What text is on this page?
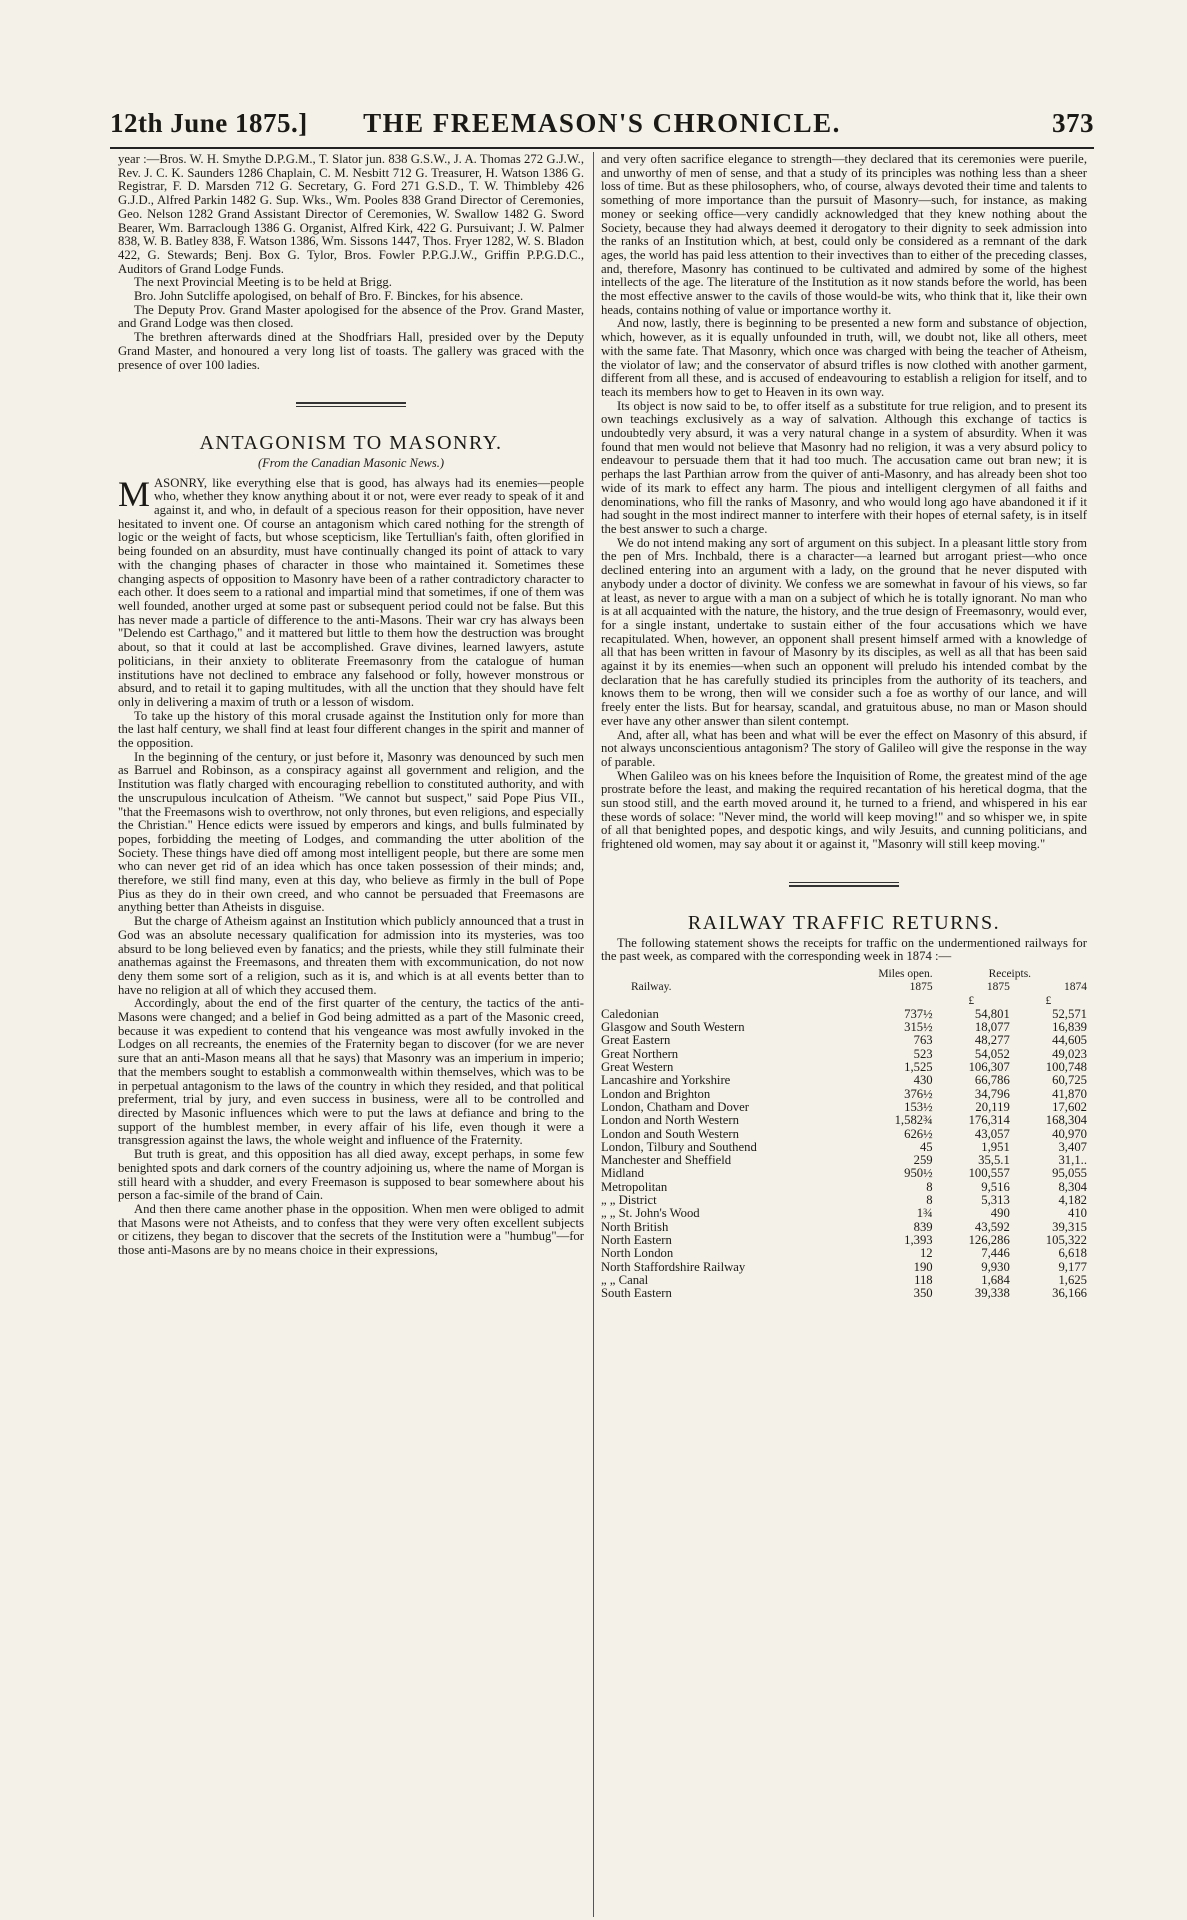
12th June 1875.]	THE FREEMASON'S CHRONICLE.	373

year :—Bros. W. H. Smythe D.P.G.M., T. Slator jun. 838 G.S.W., J. A. Thomas 272 G.J.W., Rev. J. C. K. Saunders 1286 Chaplain, C. M. Nesbitt 712 G. Treasurer, H. Watson 1386 G. Registrar, F. D. Marsden 712 G. Secretary, G. Ford 271 G.S.D., T. W. Thimbleby 426 G.J.D., Alfred Parkin 1482 G. Sup. Wks., Wm. Pooles 838 Grand Director of Ceremonies, Geo. Nelson 1282 Grand Assistant Director of Ceremonies, W. Swallow 1482 G. Sword Bearer, Wm. Barraclough 1386 G. Organist, Alfred Kirk, 422 G. Pursuivant; J. W. Palmer 838, W. B. Batley 838, F. Watson 1386, Wm. Sissons 1447, Thos. Fryer 1282, W. S. Bladon 422, G. Stewards; Benj. Box G. Tylor, Bros. Fowler P.P.G.J.W., Griffin P.P.G.D.C., Auditors of Grand Lodge Funds.

The next Provincial Meeting is to be held at Brigg.

Bro. John Sutcliffe apologised, on behalf of Bro. F. Binckes, for his absence.

The Deputy Prov. Grand Master apologised for the absence of the Prov. Grand Master, and Grand Lodge was then closed.

The brethren afterwards dined at the Shodfriars Hall, presided over by the Deputy Grand Master, and honoured a very long list of toasts. The gallery was graced with the presence of over 100 ladies.

ANTAGONISM TO MASONRY.
(From the Canadian Masonic News.)

MASONRY, like everything else that is good, has always had its enemies—people who, whether they know anything about it or not, were ever ready to speak of it and against it, and who, in default of a specious reason for their opposition, have never hesitated to invent one. Of course an antagonism which cared nothing for the strength of logic or the weight of facts, but whose scepticism, like Tertullian's faith, often glorified in being founded on an absurdity, must have continually changed its point of attack to vary with the changing phases of character in those who maintained it. Sometimes these changing aspects of opposition to Masonry have been of a rather contradictory character to each other. It does seem to a rational and impartial mind that sometimes, if one of them was well founded, another urged at some past or subsequent period could not be false. But this has never made a particle of difference to the anti-Masons. Their war cry has always been "Delendo est Carthago," and it mattered but little to them how the destruction was brought about, so that it could at last be accomplished. Grave divines, learned lawyers, astute politicians, in their anxiety to obliterate Freemasonry from the catalogue of human institutions have not declined to embrace any falsehood or folly, however monstrous or absurd, and to retail it to gaping multitudes, with all the unction that they should have felt only in delivering a maxim of truth or a lesson of wisdom.

To take up the history of this moral crusade against the Institution only for more than the last half century, we shall find at least four different changes in the spirit and manner of the opposition.

In the beginning of the century, or just before it, Masonry was denounced by such men as Barruel and Robinson, as a conspiracy against all government and religion, and the Institution was flatly charged with encouraging rebellion to constituted authority, and with the unscrupulous inculcation of Atheism. "We cannot but suspect," said Pope Pius VII., "that the Freemasons wish to overthrow, not only thrones, but even religions, and especially the Christian." Hence edicts were issued by emperors and kings, and bulls fulminated by popes, forbidding the meeting of Lodges, and commanding the utter abolition of the Society. These things have died off among most intelligent people, but there are some men who can never get rid of an idea which has once taken possession of their minds; and, therefore, we still find many, even at this day, who believe as firmly in the bull of Pope Pius as they do in their own creed, and who cannot be persuaded that Freemasons are anything better than Atheists in disguise.

But the charge of Atheism against an Institution which publicly announced that a trust in God was an absolute necessary qualification for admission into its mysteries, was too absurd to be long believed even by fanatics; and the priests, while they still fulminate their anathemas against the Freemasons, and threaten them with excommunication, do not now deny them some sort of a religion, such as it is, and which is at all events better than to have no religion at all of which they accused them.

Accordingly, about the end of the first quarter of the century, the tactics of the anti-Masons were changed; and a belief in God being admitted as a part of the Masonic creed, because it was expedient to contend that his vengeance was most awfully invoked in the Lodges on all recreants, the enemies of the Fraternity began to discover (for we are never sure that an anti-Mason means all that he says) that Masonry was an imperium in imperio; that the members sought to establish a commonwealth within themselves, which was to be in perpetual antagonism to the laws of the country in which they resided, and that political preferment, trial by jury, and even success in business, were all to be controlled and directed by Masonic influences which were to put the laws at defiance and bring to the support of the humblest member, in every affair of his life, even though it were a transgression against the laws, the whole weight and influence of the Fraternity.

But truth is great, and this opposition has all died away, except perhaps, in some few benighted spots and dark corners of the country adjoining us, where the name of Morgan is still heard with a shudder, and every Freemason is supposed to bear somewhere about his person a fac-simile of the brand of Cain.

And then there came another phase in the opposition. When men were obliged to admit that Masons were not Atheists, and to confess that they were very often excellent subjects or citizens, they began to discover that the secrets of the Institution were a "humbug"—for those anti-Masons are by no means choice in their expressions,

and very often sacrifice elegance to strength—they declared that its ceremonies were puerile, and unworthy of men of sense, and that a study of its principles was nothing less than a sheer loss of time. But as these philosophers, who, of course, always devoted their time and talents to something of more importance than the pursuit of Masonry—such, for instance, as making money or seeking office—very candidly acknowledged that they knew nothing about the Society, because they had always deemed it derogatory to their dignity to seek admission into the ranks of an Institution which, at best, could only be considered as a remnant of the dark ages, the world has paid less attention to their invectives than to either of the preceding classes, and, therefore, Masonry has continued to be cultivated and admired by some of the highest intellects of the age. The literature of the Institution as it now stands before the world, has been the most effective answer to the cavils of those would-be wits, who think that it, like their own heads, contains nothing of value or importance worthy it.

And now, lastly, there is beginning to be presented a new form and substance of objection, which, however, as it is equally unfounded in truth, will, we doubt not, like all others, meet with the same fate. That Masonry, which once was charged with being the teacher of Atheism, the violator of law; and the conservator of absurd trifles is now clothed with another garment, different from all these, and is accused of endeavouring to establish a religion for itself, and to teach its members how to get to Heaven in its own way.

Its object is now said to be, to offer itself as a substitute for true religion, and to present its own teachings exclusively as a way of salvation. Although this exchange of tactics is undoubtedly very absurd, it was a very natural change in a system of absurdity. When it was found that men would not believe that Masonry had no religion, it was a very absurd policy to endeavour to persuade them that it had too much. The accusation came out bran new; it is perhaps the last Parthian arrow from the quiver of anti-Masonry, and has already been shot too wide of its mark to effect any harm. The pious and intelligent clergymen of all faiths and denominations, who fill the ranks of Masonry, and who would long ago have abandoned it if it had sought in the most indirect manner to interfere with their hopes of eternal safety, is in itself the best answer to such a charge.

We do not intend making any sort of argument on this subject. In a pleasant little story from the pen of Mrs. Inchbald, there is a character—a learned but arrogant priest—who once declined entering into an argument with a lady, on the ground that he never disputed with anybody under a doctor of divinity. We confess we are somewhat in favour of his views, so far at least, as never to argue with a man on a subject of which he is totally ignorant. No man who is at all acquainted with the nature, the history, and the true design of Freemasonry, would ever, for a single instant, undertake to sustain either of the four accusations which we have recapitulated. When, however, an opponent shall present himself armed with a knowledge of all that has been written in favour of Masonry by its disciples, as well as all that has been said against it by its enemies—when such an opponent will preludo his intended combat by the declaration that he has carefully studied its principles from the authority of its teachers, and knows them to be wrong, then will we consider such a foe as worthy of our lance, and will freely enter the lists. But for hearsay, scandal, and gratuitous abuse, no man or Mason should ever have any other answer than silent contempt.

And, after all, what has been and what will be ever the effect on Masonry of this absurd, if not always unconscientious antagonism? The story of Galileo will give the response in the way of parable.

When Galileo was on his knees before the Inquisition of Rome, the greatest mind of the age prostrate before the least, and making the required recantation of his heretical dogma, that the sun stood still, and the earth moved around it, he turned to a friend, and whispered in his ear these words of solace: "Never mind, the world will keep moving!" and so whisper we, in spite of all that benighted popes, and despotic kings, and wily Jesuits, and cunning politicians, and frightened old women, may say about it or against it, "Masonry will still keep moving."

RAILWAY TRAFFIC RETURNS.

The following statement shows the receipts for traffic on the undermentioned railways for the past week, as compared with the corresponding week in 1874 :—

	Miles open.	Receipts.	
Railway.	1875	1875	1874
		£	£
Caledonian	737½	54,801	52,571
Glasgow and South Western	315½	18,077	16,839
Great Eastern	763	48,277	44,605
Great Northern	523	54,052	49,023
Great Western	1,525	106,307	100,748
Lancashire and Yorkshire	430	66,786	60,725
London and Brighton	376½	34,796	41,870
London, Chatham and Dover	153½	20,119	17,602
London and North Western	1,582¾	176,314	168,304
London and South Western	626½	43,057	40,970
London, Tilbury and Southend	45	1,951	3,407
Manchester and Sheffield	259	35,5.1	31,1..
Midland	950½	100,557	95,055
Metropolitan	8	9,516	8,304
„ „ District	8	5,313	4,182
„ „ St. John's Wood	1¾	490	410
North British	839	43,592	39,315
North Eastern	1,393	126,286	105,322
North London	12	7,446	6,618
North Staffordshire Railway	190	9,930	9,177
„ „ Canal	118	1,684	1,625
South Eastern	350	39,338	36,166
